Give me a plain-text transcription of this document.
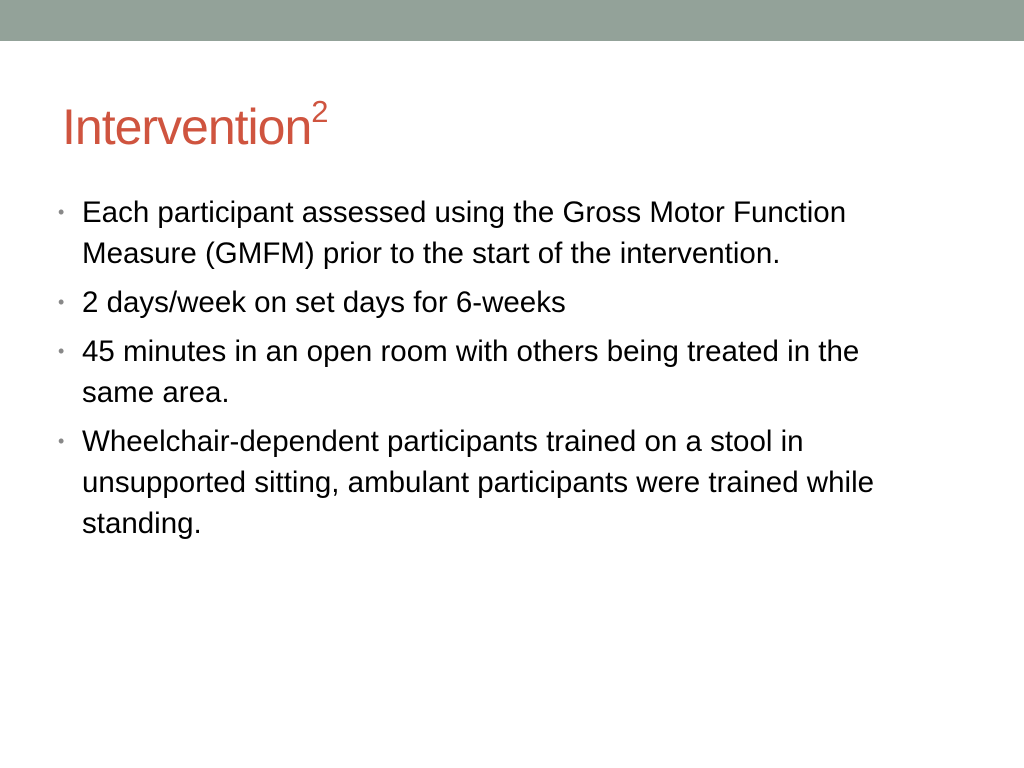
Intervention$^2$
• Each participant assessed using the Gross Motor Function Measure (GMFM) prior to the start of the intervention.
• 2 days/week on set days for 6-weeks
• 45 minutes in an open room with others being treated in the same area.
• Wheelchair-dependent participants trained on a stool in unsupported sitting, ambulant participants were trained while standing.
